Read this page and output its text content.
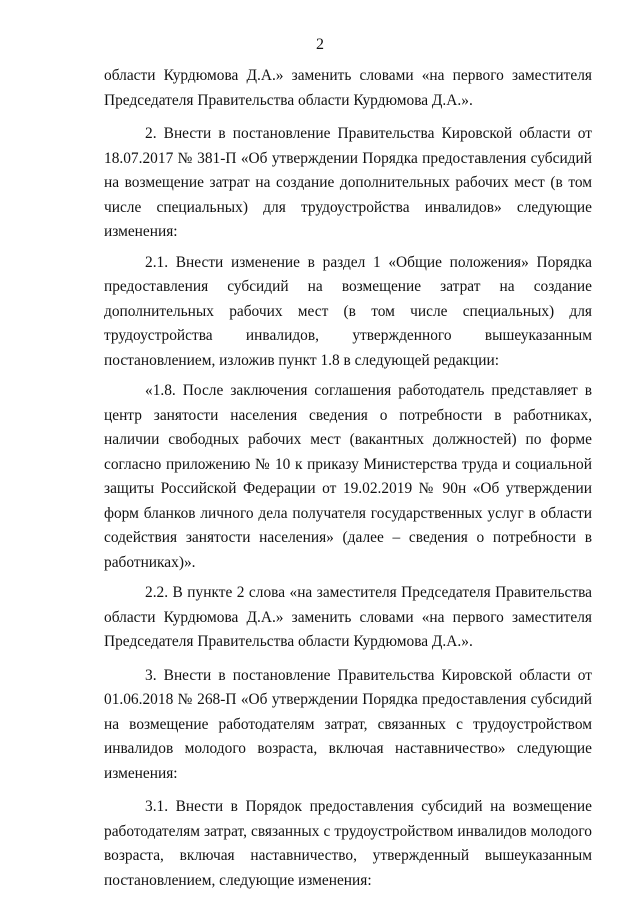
2

области Курдюмова Д.А.» заменить словами «на первого заместителя Председателя Правительства области Курдюмова Д.А.».

2. Внести в постановление Правительства Кировской области от 18.07.2017 № 381-П «Об утверждении Порядка предоставления субсидий на возмещение затрат на создание дополнительных рабочих мест (в том числе специальных) для трудоустройства инвалидов» следующие изменения:

2.1. Внести изменение в раздел 1 «Общие положения» Порядка предоставления субсидий на возмещение затрат на создание дополнительных рабочих мест (в том числе специальных) для трудоустройства инвалидов, утвержденного вышеуказанным постановлением, изложив пункт 1.8 в следующей редакции:

«1.8. После заключения соглашения работодатель представляет в центр занятости населения сведения о потребности в работниках, наличии свободных рабочих мест (вакантных должностей) по форме согласно приложению № 10 к приказу Министерства труда и социальной защиты Российской Федерации от 19.02.2019 № 90н «Об утверждении форм бланков личного дела получателя государственных услуг в области содействия занятости населения» (далее – сведения о потребности в работниках)».

2.2. В пункте 2 слова «на заместителя Председателя Правительства области Курдюмова Д.А.» заменить словами «на первого заместителя Председателя Правительства области Курдюмова Д.А.».

3. Внести в постановление Правительства Кировской области от 01.06.2018 № 268-П «Об утверждении Порядка предоставления субсидий на возмещение работодателям затрат, связанных с трудоустройством инвалидов молодого возраста, включая наставничество» следующие изменения:

3.1. Внести в Порядок предоставления субсидий на возмещение работодателям затрат, связанных с трудоустройством инвалидов молодого возраста, включая наставничество, утвержденный вышеуказанным постановлением, следующие изменения:
